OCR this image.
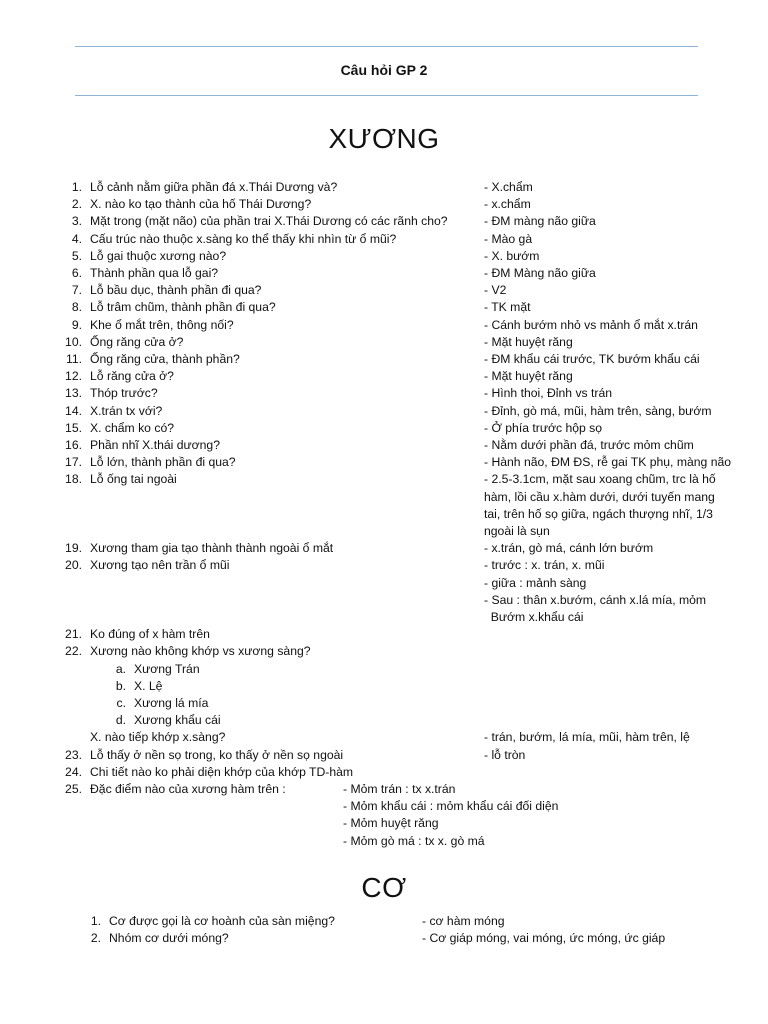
Câu hỏi GP 2
XƯƠNG
1. Lỗ cảnh nằm giữa phần đá x.Thái Dương và?	- X.chẩm
2. X. nào ko tạo thành của hố Thái Dương?	- x.chẩm
3. Mặt trong (mặt não) của phần trai X.Thái Dương có các rãnh cho?	- ĐM màng não giữa
4. Cấu trúc nào thuộc x.sàng ko thể thấy khi nhìn từ ổ mũi?	- Mào gà
5. Lỗ gai thuộc xương nào?	- X. bướm
6. Thành phần qua lỗ gai?	- ĐM Màng não giữa
7. Lỗ bầu dục, thành phần đi qua?	- V2
8. Lỗ trâm chũm, thành phần đi qua?	- TK mặt
9. Khe ổ mắt trên, thông nối?	- Cánh bướm nhỏ vs mảnh ổ mắt x.trán
10. Ống răng cửa ở?	- Mặt huyệt răng
11. Ống răng cửa, thành phần?	- ĐM khẩu cái trước, TK bướm khẩu cái
12. Lỗ răng cửa ở?	- Mặt huyệt răng
13. Thóp trước?	- Hình thoi, Đỉnh vs trán
14. X.trán tx với?	- Đỉnh, gò má, mũi, hàm trên, sàng, bướm
15. X. chẩm ko có?	- Ở phía trước hộp sọ
16. Phần nhĩ X.thái dương?	- Nằm dưới phần đá, trước mỏm chũm
17. Lỗ lớn, thành phần đi qua?	- Hành não, ĐM ĐS, rễ gai TK phụ, màng não
18. Lỗ ống tai ngoài	- 2.5-3.1cm, mặt sau xoang chũm, trc là hố
hàm, lồi cầu x.hàm dưới, dưới tuyến mang
tai, trên hố sọ giữa, ngách thượng nhĩ, 1/3
ngoài là sụn
19. Xương tham gia tạo thành thành ngoài ổ mắt	- x.trán, gò má, cánh lớn bướm
20. Xương tạo nên trần ổ mũi	- trước : x. trán, x. mũi
- giữa : mảnh sàng
- Sau : thân x.bướm, cánh x.lá mía, mỏm
Bướm x.khẩu cái
21. Ko đúng of x hàm trên
22. Xương nào không khớp vs xương sàng?
a. Xương Trán
b. X. Lệ
c. Xương lá mía
d. Xương khẩu cái
X. nào tiếp khớp x.sàng?	- trán, bướm, lá mía, mũi, hàm trên, lệ
23. Lỗ thấy ở nền sọ trong, ko thấy ở nền sọ ngoài	- lỗ tròn
24. Chi tiết nào ko phải diện khớp của khớp TD-hàm
25. Đặc điểm nào của xương hàm trên :	- Mỏm trán : tx x.trán
- Mỏm khẩu cái : mỏm khẩu cái đối diện
- Mỏm huyệt răng
- Mỏm gò má : tx x. gò má
CƠ
1. Cơ được gọi là cơ hoành của sàn miệng?	- cơ hàm móng
2. Nhóm cơ dưới móng?	- Cơ giáp móng, vai móng, ức móng, ức giáp
